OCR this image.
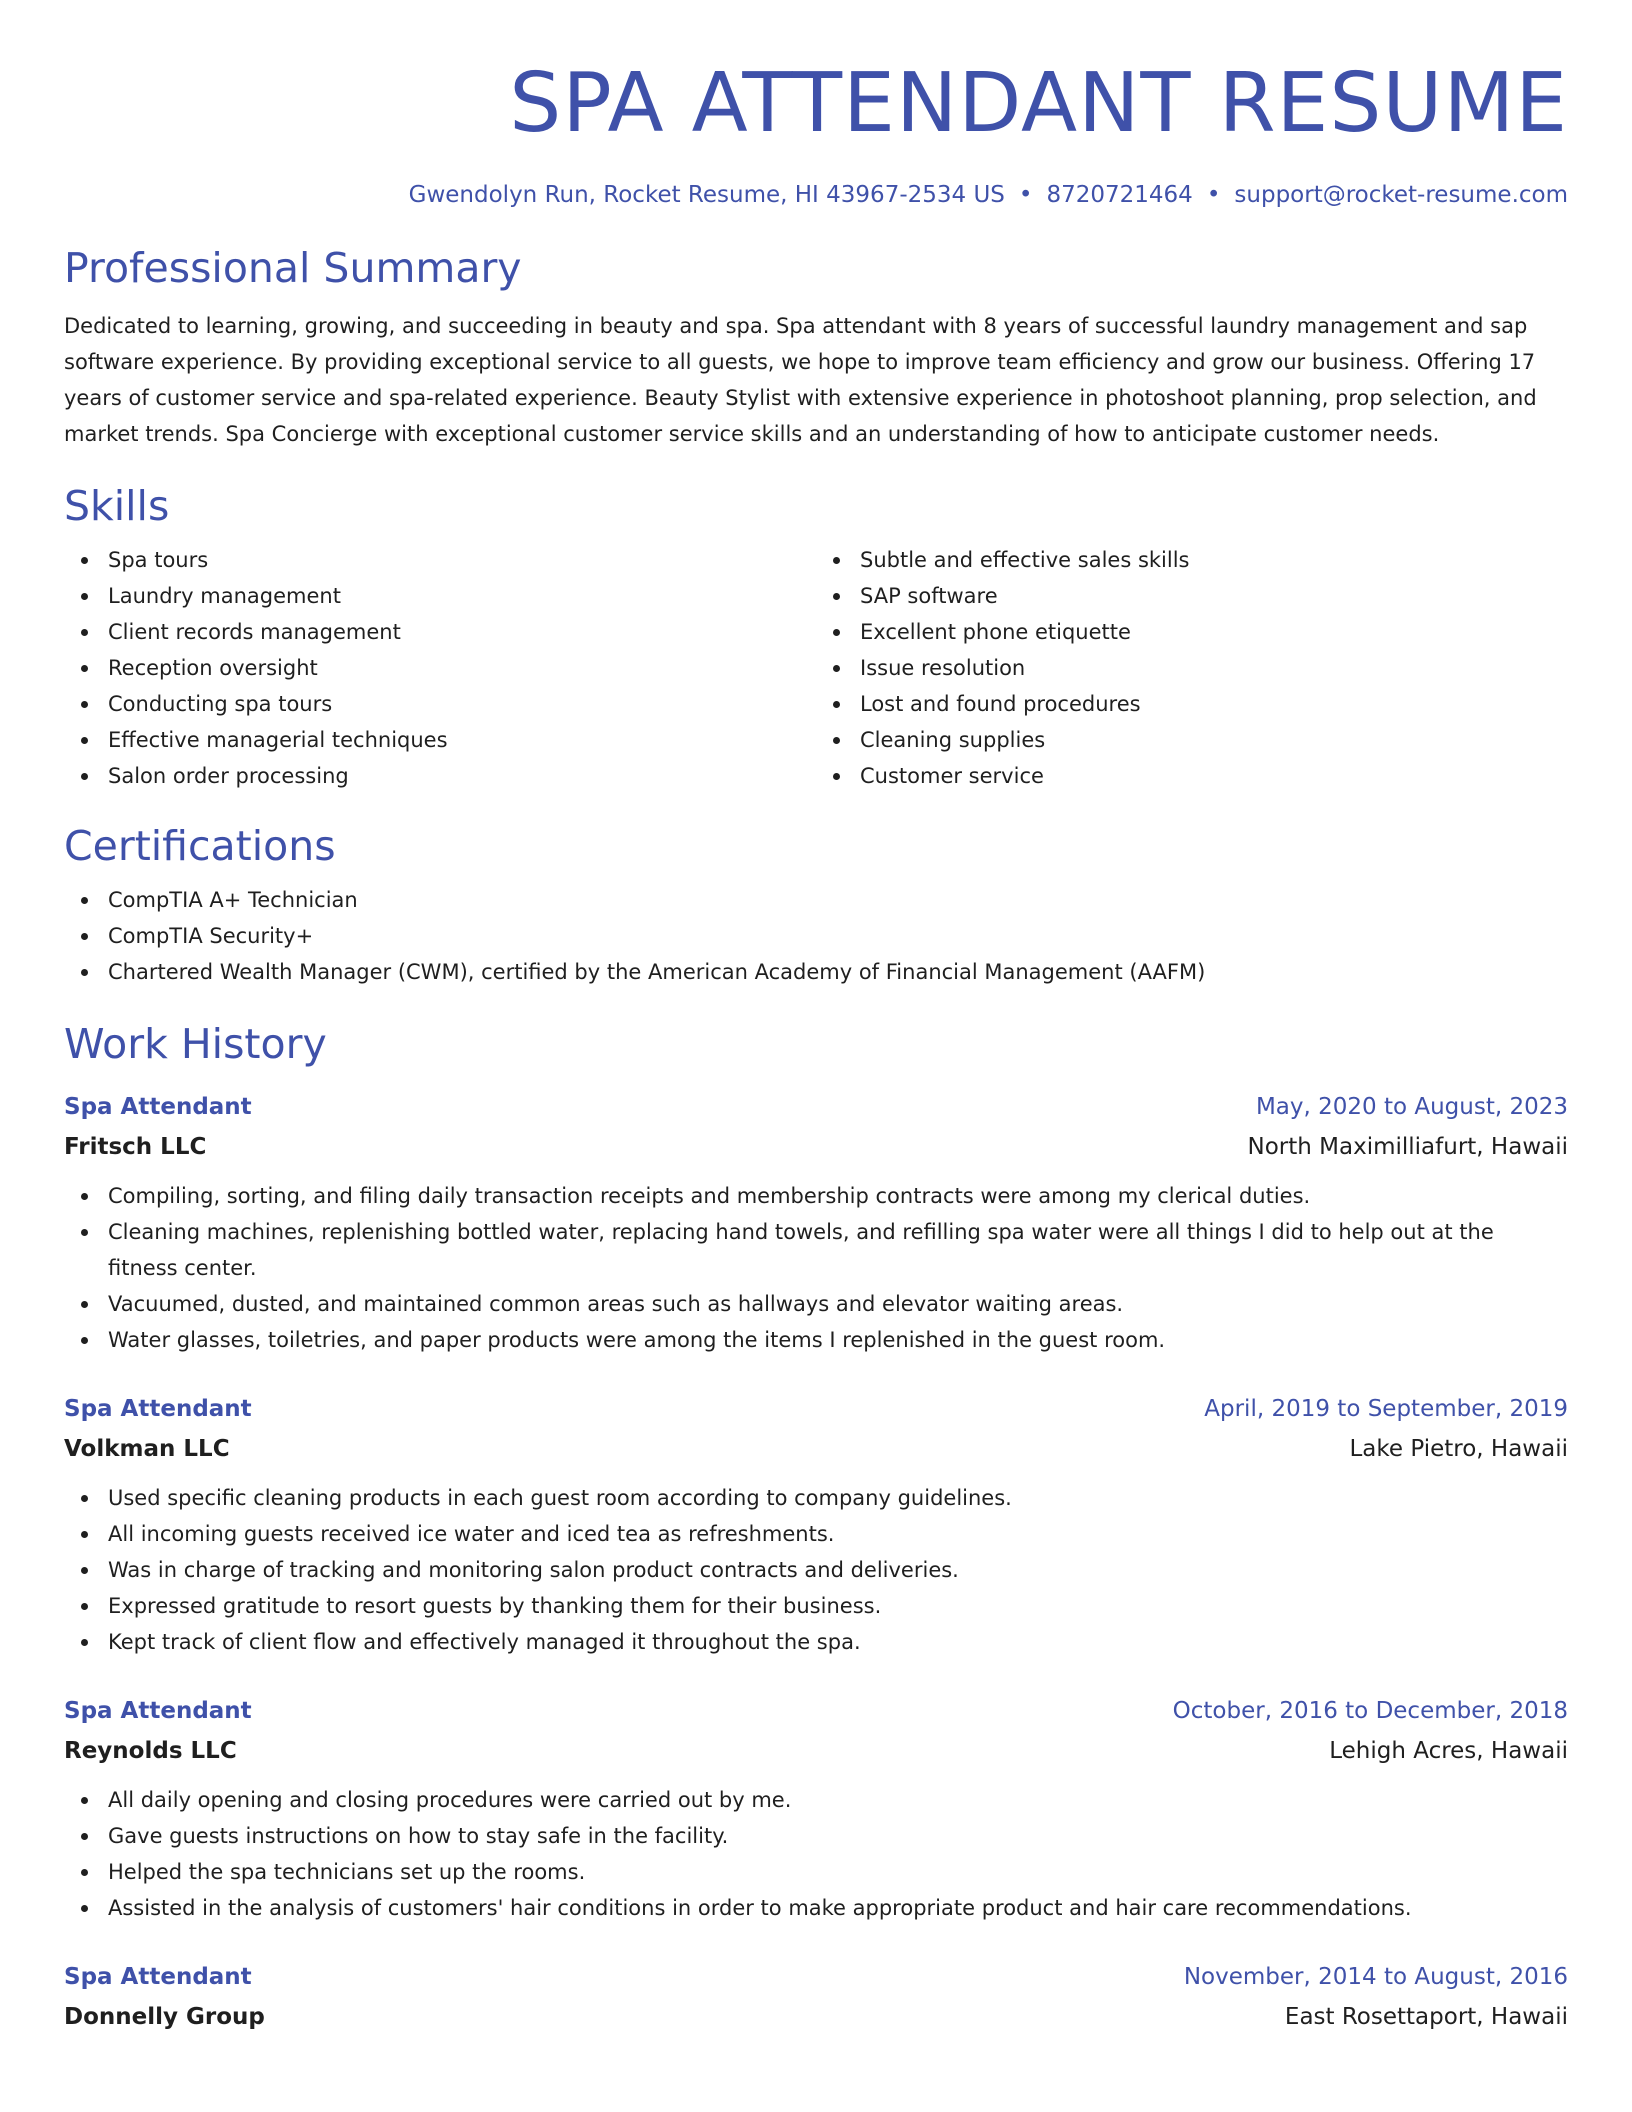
SPA ATTENDANT RESUME
Gwendolyn Run, Rocket Resume, HI 43967-2534 US • 8720721464 • support@rocket-resume.com
Professional Summary

Dedicated to learning, growing, and succeeding in beauty and spa. Spa attendant with 8 years of successful laundry management and sap software experience. By providing exceptional service to all guests, we hope to improve team efficiency and grow our business. Offering 17 years of customer service and spa-related experience. Beauty Stylist with extensive experience in photoshoot planning, prop selection, and market trends. Spa Concierge with exceptional customer service skills and an understanding of how to anticipate customer needs.

Skills
Spa tours
Laundry management
Client records management
Reception oversight
Conducting spa tours
Effective managerial techniques
Salon order processing
Subtle and effective sales skills
SAP software
Excellent phone etiquette
Issue resolution
Lost and found procedures
Cleaning supplies
Customer service
Certifications
CompTIA A+ Technician
CompTIA Security+
Chartered Wealth Manager (CWM), certified by the American Academy of Financial Management (AAFM)
Work History
Spa Attendant	May, 2020 to August, 2023
Fritsch LLC	North Maximilliafurt, Hawaii
Compiling, sorting, and filing daily transaction receipts and membership contracts were among my clerical duties.
Cleaning machines, replenishing bottled water, replacing hand towels, and refilling spa water were all things I did to help out at the fitness center.
Vacuumed, dusted, and maintained common areas such as hallways and elevator waiting areas.
Water glasses, toiletries, and paper products were among the items I replenished in the guest room.
Spa Attendant	April, 2019 to September, 2019
Volkman LLC	Lake Pietro, Hawaii
Used specific cleaning products in each guest room according to company guidelines.
All incoming guests received ice water and iced tea as refreshments.
Was in charge of tracking and monitoring salon product contracts and deliveries.
Expressed gratitude to resort guests by thanking them for their business.
Kept track of client flow and effectively managed it throughout the spa.
Spa Attendant	October, 2016 to December, 2018
Reynolds LLC	Lehigh Acres, Hawaii
All daily opening and closing procedures were carried out by me.
Gave guests instructions on how to stay safe in the facility.
Helped the spa technicians set up the rooms.
Assisted in the analysis of customers' hair conditions in order to make appropriate product and hair care recommendations.
Spa Attendant	November, 2014 to August, 2016
Donnelly Group	East Rosettaport, Hawaii
